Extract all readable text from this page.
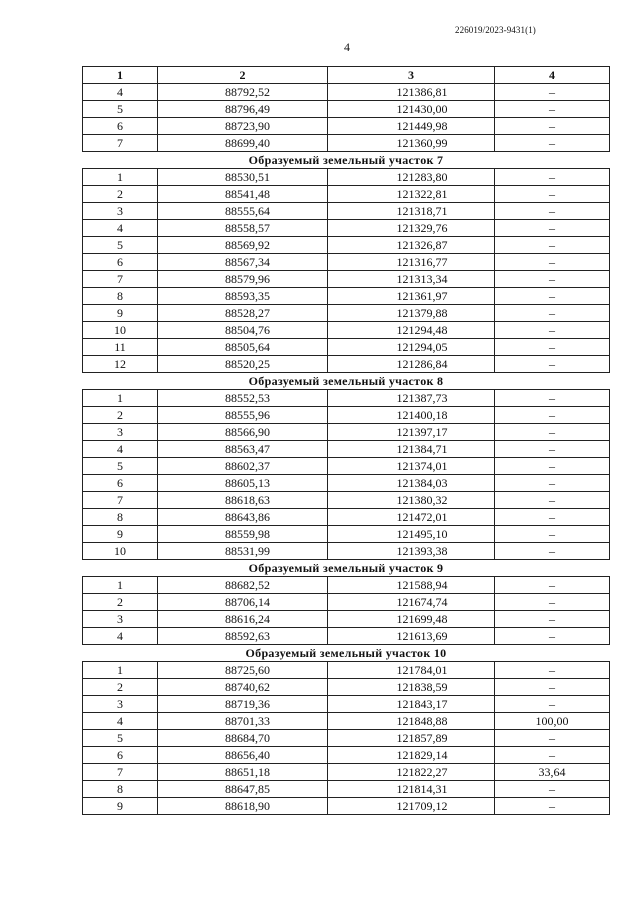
226019/2023-9431(1)
4
1	2	3	4
4	88792,52	121386,81	–
5	88796,49	121430,00	–
6	88723,90	121449,98	–
7	88699,40	121360,99	–
Образуемый земельный участок 7			
1	88530,51	121283,80	–
2	88541,48	121322,81	–
3	88555,64	121318,71	–
4	88558,57	121329,76	–
5	88569,92	121326,87	–
6	88567,34	121316,77	–
7	88579,96	121313,34	–
8	88593,35	121361,97	–
9	88528,27	121379,88	–
10	88504,76	121294,48	–
11	88505,64	121294,05	–
12	88520,25	121286,84	–
Образуемый земельный участок 8			
1	88552,53	121387,73	–
2	88555,96	121400,18	–
3	88566,90	121397,17	–
4	88563,47	121384,71	–
5	88602,37	121374,01	–
6	88605,13	121384,03	–
7	88618,63	121380,32	–
8	88643,86	121472,01	–
9	88559,98	121495,10	–
10	88531,99	121393,38	–
Образуемый земельный участок 9			
1	88682,52	121588,94	–
2	88706,14	121674,74	–
3	88616,24	121699,48	–
4	88592,63	121613,69	–
Образуемый земельный участок 10			
1	88725,60	121784,01	–
2	88740,62	121838,59	–
3	88719,36	121843,17	–
4	88701,33	121848,88	100,00
5	88684,70	121857,89	–
6	88656,40	121829,14	–
7	88651,18	121822,27	33,64
8	88647,85	121814,31	–
9	88618,90	121709,12	–
